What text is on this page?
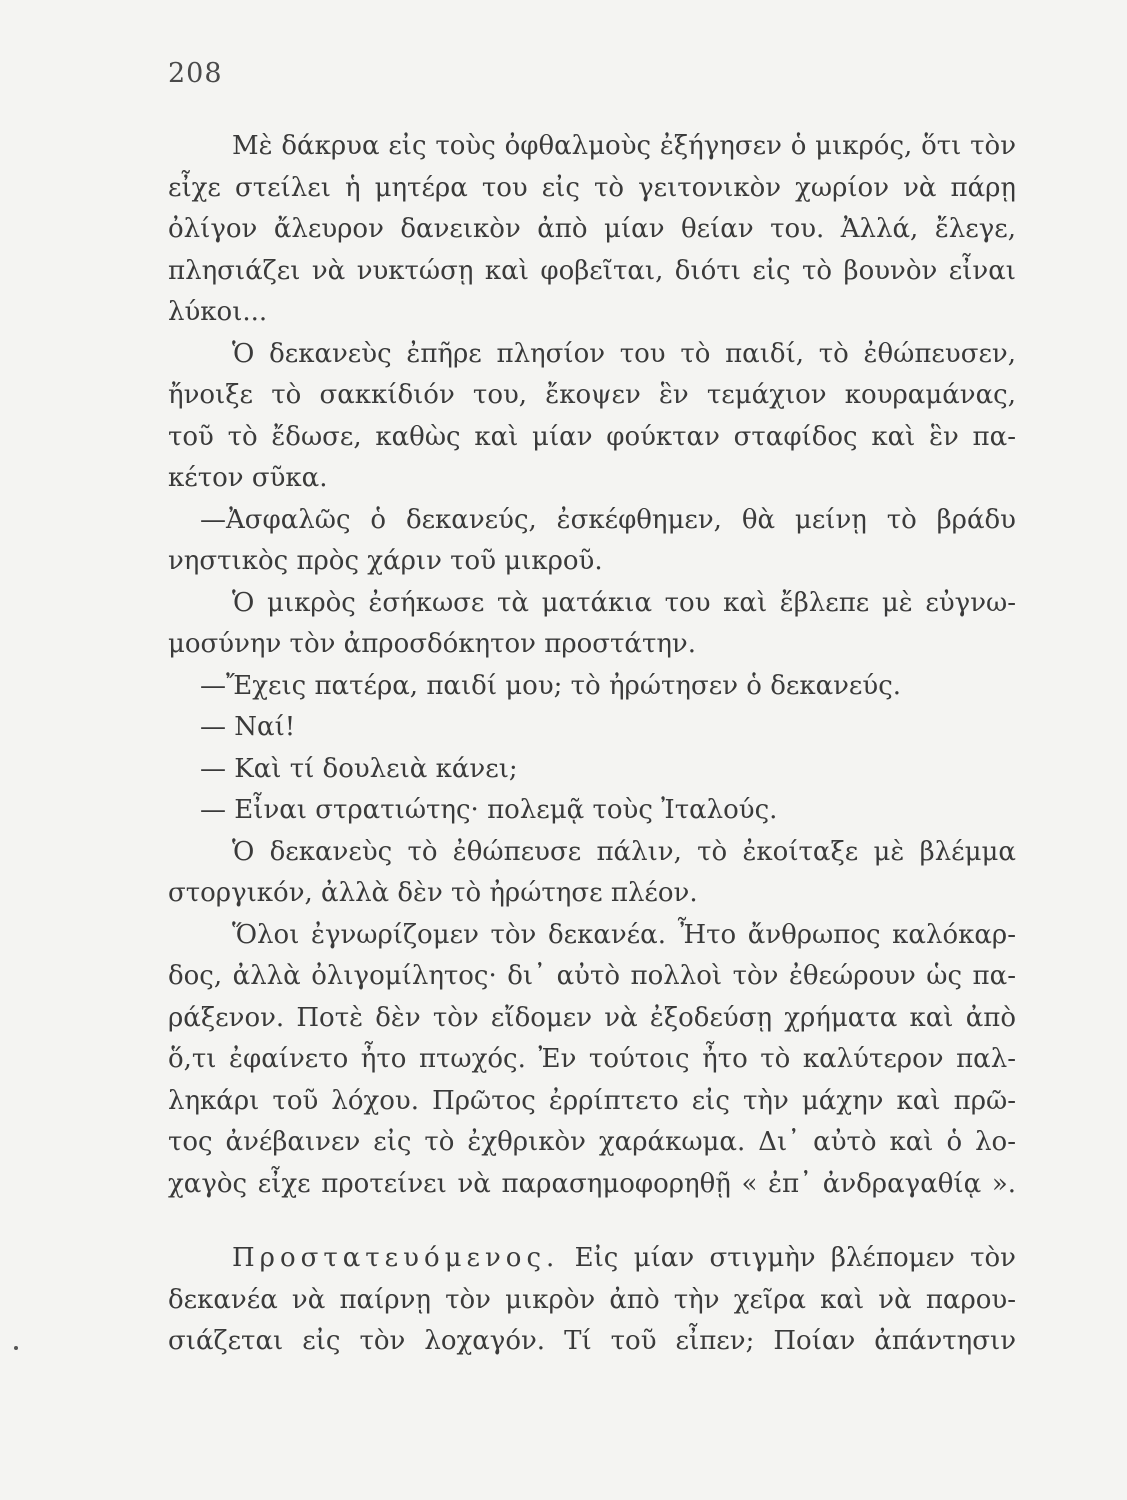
208
Μὲ δάκρυα εἰς τοὺς ὀφθαλμοὺς ἐξήγησεν ὁ μικρός, ὅτι τὸν
εἶχε στείλει ἡ μητέρα του εἰς τὸ γειτονικὸν χωρίον νὰ πάρῃ
ὀλίγον ἄλευρον δανεικὸν ἀπὸ μίαν θείαν του. Ἀλλά, ἔλεγε,
πλησιάζει νὰ νυκτώσῃ καὶ φοβεῖται, διότι εἰς τὸ βουνὸν εἶναι
λύκοι...
Ὁ δεκανεὺς ἐπῆρε πλησίον του τὸ παιδί, τὸ ἐθώπευσεν,
ἤνοιξε τὸ σακκίδιόν του, ἔκοψεν ἓν τεμάχιον κουραμάνας,
τοῦ τὸ ἔδωσε, καθὼς καὶ μίαν φούκταν σταφίδος καὶ ἓν πα-
κέτον σῦκα.
—Ἀσφαλῶς ὁ δεκανεύς, ἐσκέφθημεν, θὰ μείνῃ τὸ βράδυ
νηστικὸς πρὸς χάριν τοῦ μικροῦ.
Ὁ μικρὸς ἐσήκωσε τὰ ματάκια του καὶ ἔβλεπε μὲ εὐγνω-
μοσύνην τὸν ἀπροσδόκητον προστάτην.
—Ἔχεις πατέρα, παιδί μου; τὸ ἠρώτησεν ὁ δεκανεύς.
— Ναί!
— Καὶ τί δουλειὰ κάνει;
— Εἶναι στρατιώτης· πολεμᾷ τοὺς Ἰταλούς.
Ὁ δεκανεὺς τὸ ἐθώπευσε πάλιν, τὸ ἐκοίταξε μὲ βλέμμα
στοργικόν, ἀλλὰ δὲν τὸ ἠρώτησε πλέον.
Ὅλοι ἐγνωρίζομεν τὸν δεκανέα. Ἦτο ἄνθρωπος καλόκαρ-
δος, ἀλλὰ ὀλιγομίλητος· δι᾿ αὐτὸ πολλοὶ τὸν ἐθεώρουν ὡς πα-
ράξενον. Ποτὲ δὲν τὸν εἴδομεν νὰ ἐξοδεύσῃ χρήματα καὶ ἀπὸ
ὅ,τι ἐφαίνετο ἦτο πτωχός. Ἐν τούτοις ἦτο τὸ καλύτερον παλ-
ληκάρι τοῦ λόχου. Πρῶτος ἐρρίπτετο εἰς τὴν μάχην καὶ πρῶ-
τος ἀνέβαινεν εἰς τὸ ἐχθρικὸν χαράκωμα. Δι᾿ αὐτὸ καὶ ὁ λο-
χαγὸς εἶχε προτείνει νὰ παρασημοφορηθῇ « ἐπ᾿ ἀνδραγαθίᾳ ».
Προστατευόμενος. Εἰς μίαν στιγμὴν βλέπομεν τὸν
δεκανέα νὰ παίρνῃ τὸν μικρὸν ἀπὸ τὴν χεῖρα καὶ νὰ παρου-
σιάζεται εἰς τὸν λοχαγόν. Τί τοῦ εἶπεν; Ποίαν ἀπάντησιν
